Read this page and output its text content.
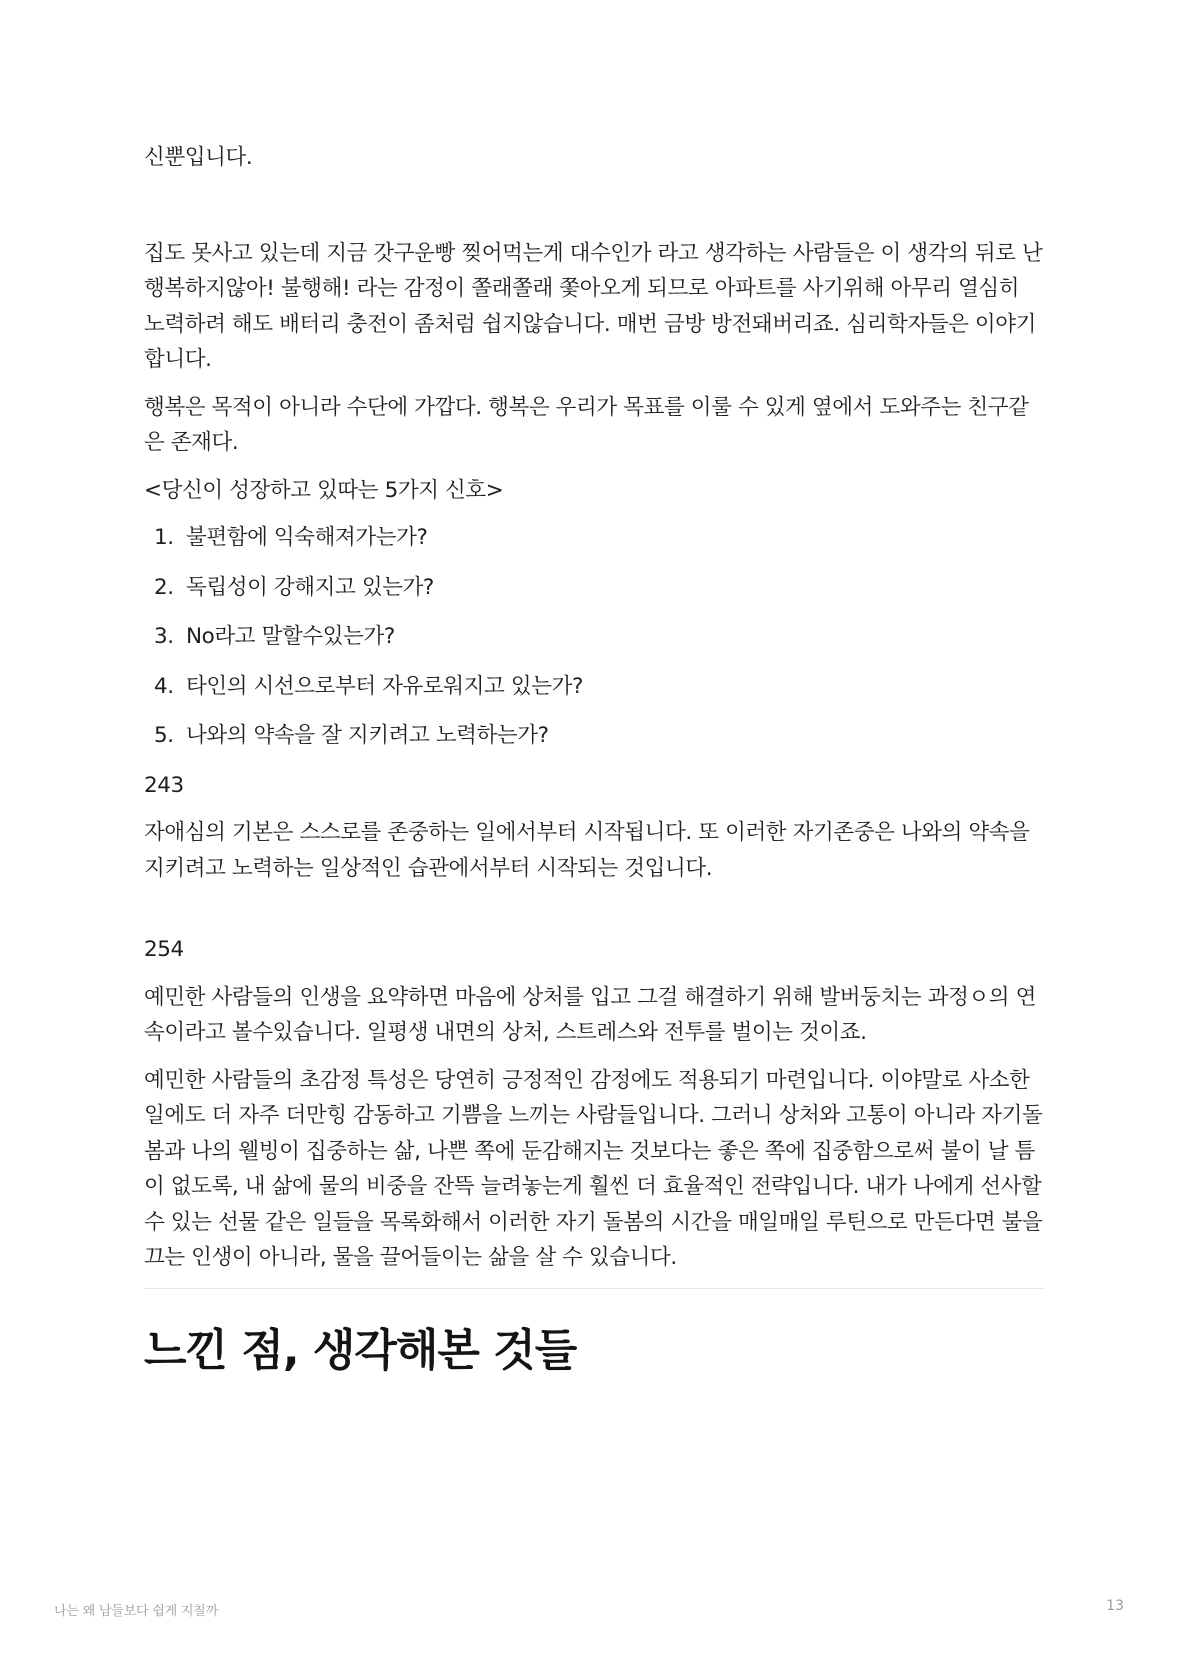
신뿐입니다.

집도 못사고 있는데 지금 갓구운빵 찢어먹는게 대수인가 라고 생각하는 사람들은 이 생각의 뒤로 난 행복하지않아! 불행해! 라는 감정이 쫄래쫄래 쫓아오게 되므로 아파트를 사기위해 아무리 열심히 노력하려 해도 배터리 충전이 좀처럼 쉽지않습니다. 매번 금방 방전돼버리죠. 심리학자들은 이야기합니다.

행복은 목적이 아니라 수단에 가깝다. 행복은 우리가 목표를 이룰 수 있게 옆에서 도와주는 친구같은 존재다.

<당신이 성장하고 있따는 5가지 신호>

1. 불편함에 익숙해져가는가?
2. 독립성이 강해지고 있는가?
3. No라고 말할수있는가?
4. 타인의 시선으로부터 자유로워지고 있는가?
5. 나와의 약속을 잘 지키려고 노력하는가?

243

자애심의 기본은 스스로를 존중하는 일에서부터 시작됩니다. 또 이러한 자기존중은 나와의 약속을 지키려고 노력하는 일상적인 습관에서부터 시작되는 것입니다.

254

예민한 사람들의 인생을 요약하면 마음에 상처를 입고 그걸 해결하기 위해 발버둥치는 과정ㅇ의 연속이라고 볼수있습니다. 일평생 내면의 상처, 스트레스와 전투를 벌이는 것이죠.

예민한 사람들의 초감정 특성은 당연히 긍정적인 감정에도 적용되기 마련입니다. 이야말로 사소한 일에도 더 자주 더만힝 감동하고 기쁨을 느끼는 사람들입니다. 그러니 상처와 고통이 아니라 자기돌봄과 나의 웰빙이 집중하는 삶, 나쁜 쪽에 둔감해지는 것보다는 좋은 쪽에 집중함으로써 불이 날 틈이 없도록, 내 삶에 물의 비중을 잔뜩 늘려놓는게 훨씬 더 효율적인 전략입니다. 내가 나에게 선사할 수 있는 선물 같은 일들을 목록화해서 이러한 자기 돌봄의 시간을 매일매일 루틴으로 만든다면 불을 끄는 인생이 아니라, 물을 끌어들이는 삶을 살 수 있습니다.

느낀 점, 생각해본 것들
나는 왜 남들보다 쉽게 지칠까	13
